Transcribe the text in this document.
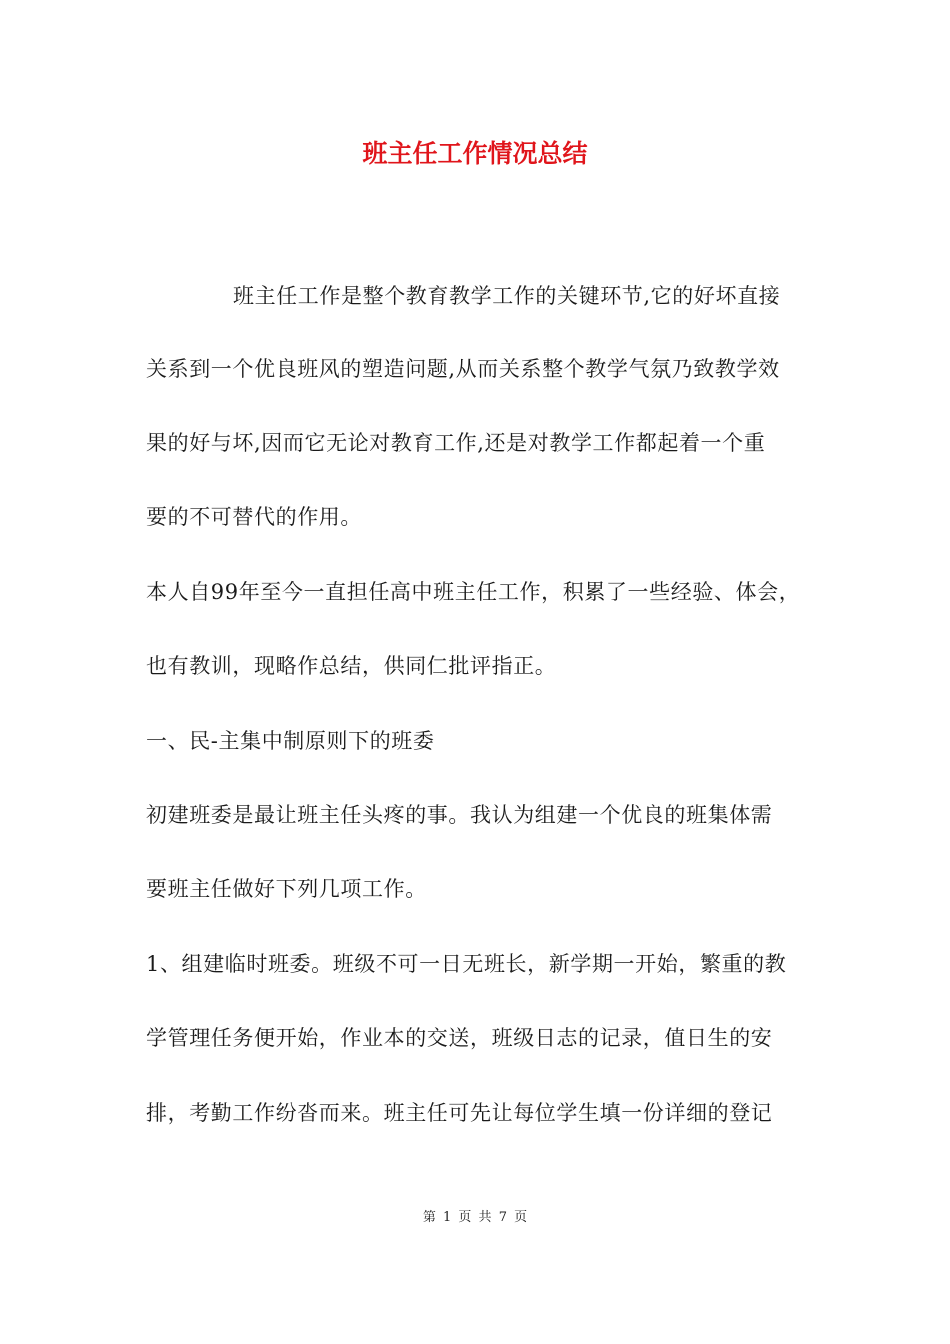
班主任工作情况总结
班主任工作是整个教育教学工作的关键环节,它的好坏直接
关系到一个优良班风的塑造问题,从而关系整个教学气氛乃致教学效
果的好与坏,因而它无论对教育工作,还是对教学工作都起着一个重
要的不可替代的作用。
本人自99年至今一直担任高中班主任工作，积累了一些经验、体会，
也有教训，现略作总结，供同仁批评指正。
一、民-主集中制原则下的班委
初建班委是最让班主任头疼的事。我认为组建一个优良的班集体需
要班主任做好下列几项工作。
1、组建临时班委。班级不可一日无班长，新学期一开始，繁重的教
学管理任务便开始，作业本的交送，班级日志的记录，值日生的安
排，考勤工作纷沓而来。班主任可先让每位学生填一份详细的登记
第 1 页 共 7 页
